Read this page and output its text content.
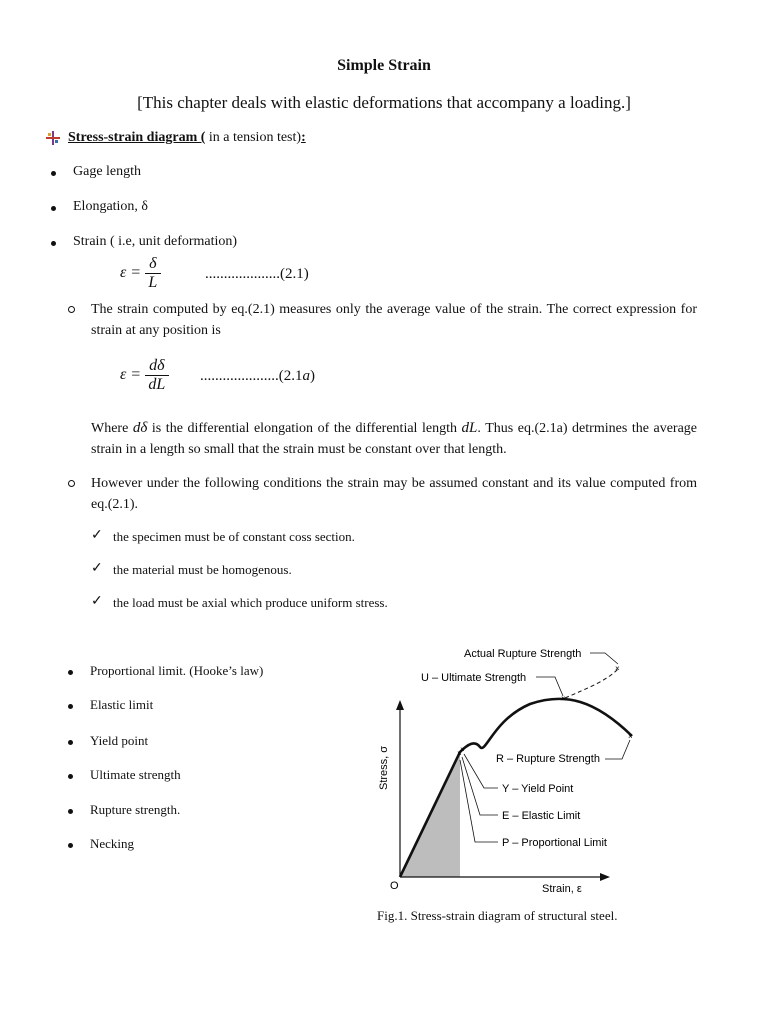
Simple Strain
[This chapter deals with elastic deformations that accompany a loading.]
Stress-strain diagram ( in a tension test):
Gage length
Elongation, δ
Strain ( i.e, unit deformation)
$\varepsilon = \frac{\delta}{L}$	....................(2.1)
The strain computed by eq.(2.1) measures only the average value of the strain. The correct expression for strain at any position is
$\varepsilon = \frac{d\delta}{dL} .....................(2.1a)$
Where dδ is the differential elongation of the differential length dL. Thus eq.(2.1a) detrmines the average strain in a length so small that the strain must be constant over that length.
However under the following conditions the strain may be assumed constant and its value computed from eq.(2.1).
✓ the specimen must be of constant coss section.
✓ the material must be homogenous.
✓ the load must be axial which produce uniform stress.
Proportional limit. (Hooke’s law)
Elastic limit
Yield point
Ultimate strength
Rupture strength.
Necking
×
×
×
×
×
Actual Rupture Strength
U – Ultimate Strength
R – Rupture Strength
Y – Yield Point
E – Elastic Limit
P – Proportional Limit
O	Strain, ε
Stress, σ
Fig.1. Stress-strain diagram of structural steel.
